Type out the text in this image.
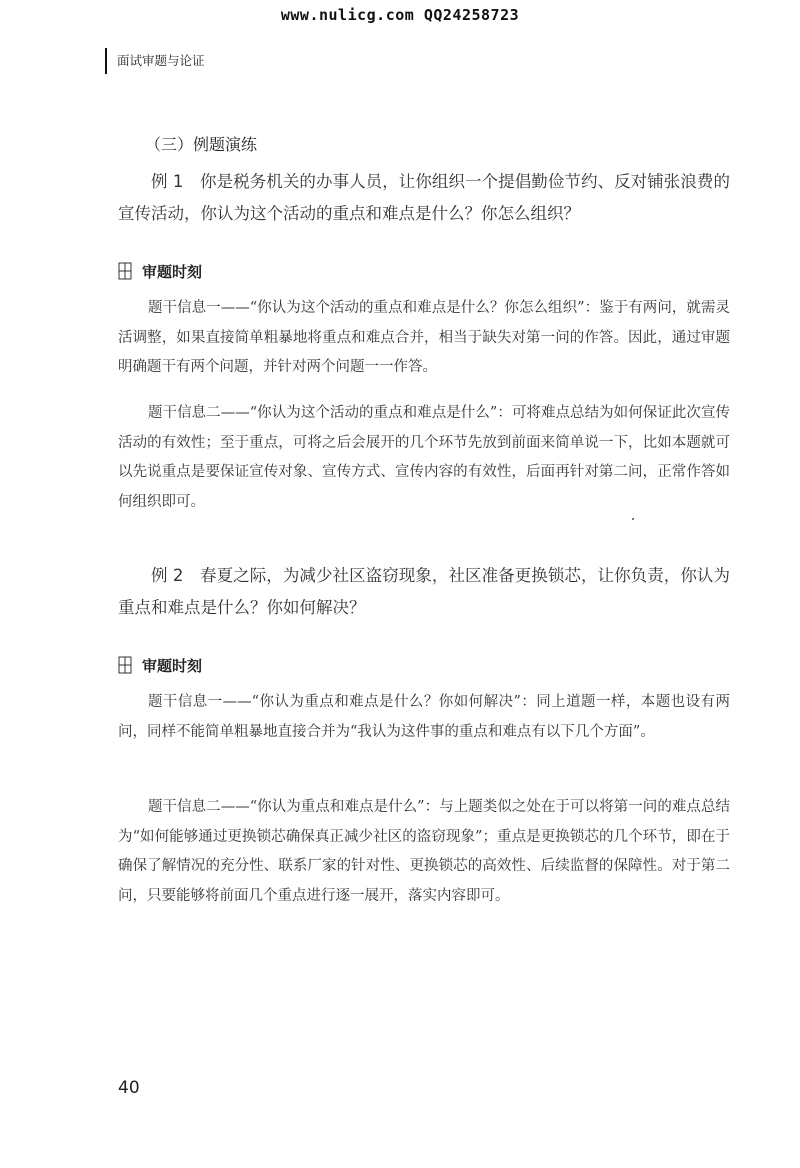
www.nulicg.com QQ24258723
面试审题与论证
（三）例题演练
例 1　你是税务机关的办事人员，让你组织一个提倡勤俭节约、反对铺张浪费的宣传活动，你认为这个活动的重点和难点是什么？你怎么组织？
审题时刻
题干信息一——“你认为这个活动的重点和难点是什么？你怎么组织”：鉴于有两问，就需灵活调整，如果直接简单粗暴地将重点和难点合并，相当于缺失对第一问的作答。因此，通过审题明确题干有两个问题，并针对两个问题一一作答。
题干信息二——“你认为这个活动的重点和难点是什么”：可将难点总结为如何保证此次宣传活动的有效性；至于重点，可将之后会展开的几个环节先放到前面来简单说一下，比如本题就可以先说重点是要保证宣传对象、宣传方式、宣传内容的有效性，后面再针对第二问，正常作答如何组织即可。
例 2　春夏之际，为减少社区盗窃现象，社区准备更换锁芯，让你负责，你认为重点和难点是什么？你如何解决？
审题时刻
题干信息一——“你认为重点和难点是什么？你如何解决”：同上道题一样，本题也设有两问，同样不能简单粗暴地直接合并为“我认为这件事的重点和难点有以下几个方面”。
题干信息二——“你认为重点和难点是什么”：与上题类似之处在于可以将第一问的难点总结为“如何能够通过更换锁芯确保真正减少社区的盗窃现象”；重点是更换锁芯的几个环节，即在于确保了解情况的充分性、联系厂家的针对性、更换锁芯的高效性、后续监督的保障性。对于第二问，只要能够将前面几个重点进行逐一展开，落实内容即可。
40
